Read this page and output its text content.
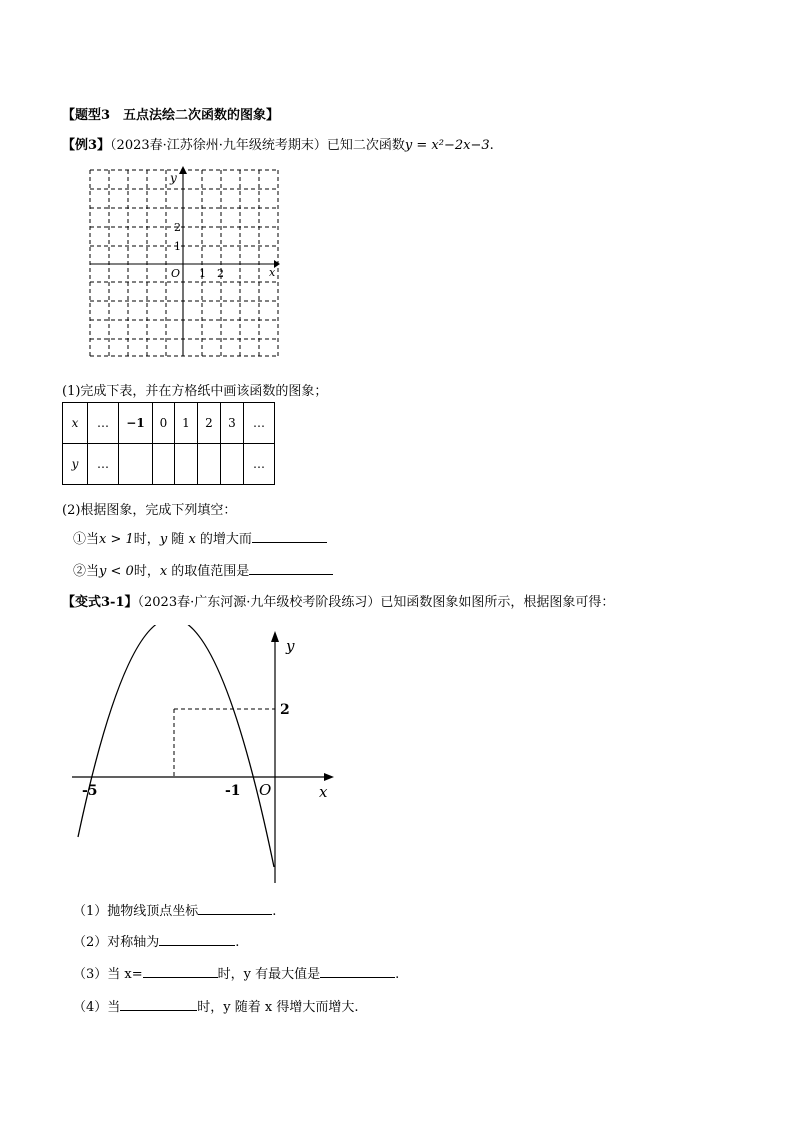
【题型3　五点法绘二次函数的图象】
【例3】（2023春·江苏徐州·九年级统考期末）已知二次函数y = x²−2x−3.
x
y
O 1 2
2
1
(1)完成下表，并在方格纸中画该函数的图象；
x	…	−1	0	1	2	3	…
y	…						…
(2)根据图象，完成下列填空：
①当x > 1时，y 随 x 的增大而
②当y < 0时，x 的取值范围是
【变式3-1】（2023春·广东河源·九年级校考阶段练习）已知函数图象如图所示，根据图象可得：
y
x
O
-5	-1
2
（1）抛物线顶点坐标	.
（2）对称轴为	.
（3）当 x=	时，y 有最大值是	.
（4）当	时，y 随着 x 得增大而增大.
